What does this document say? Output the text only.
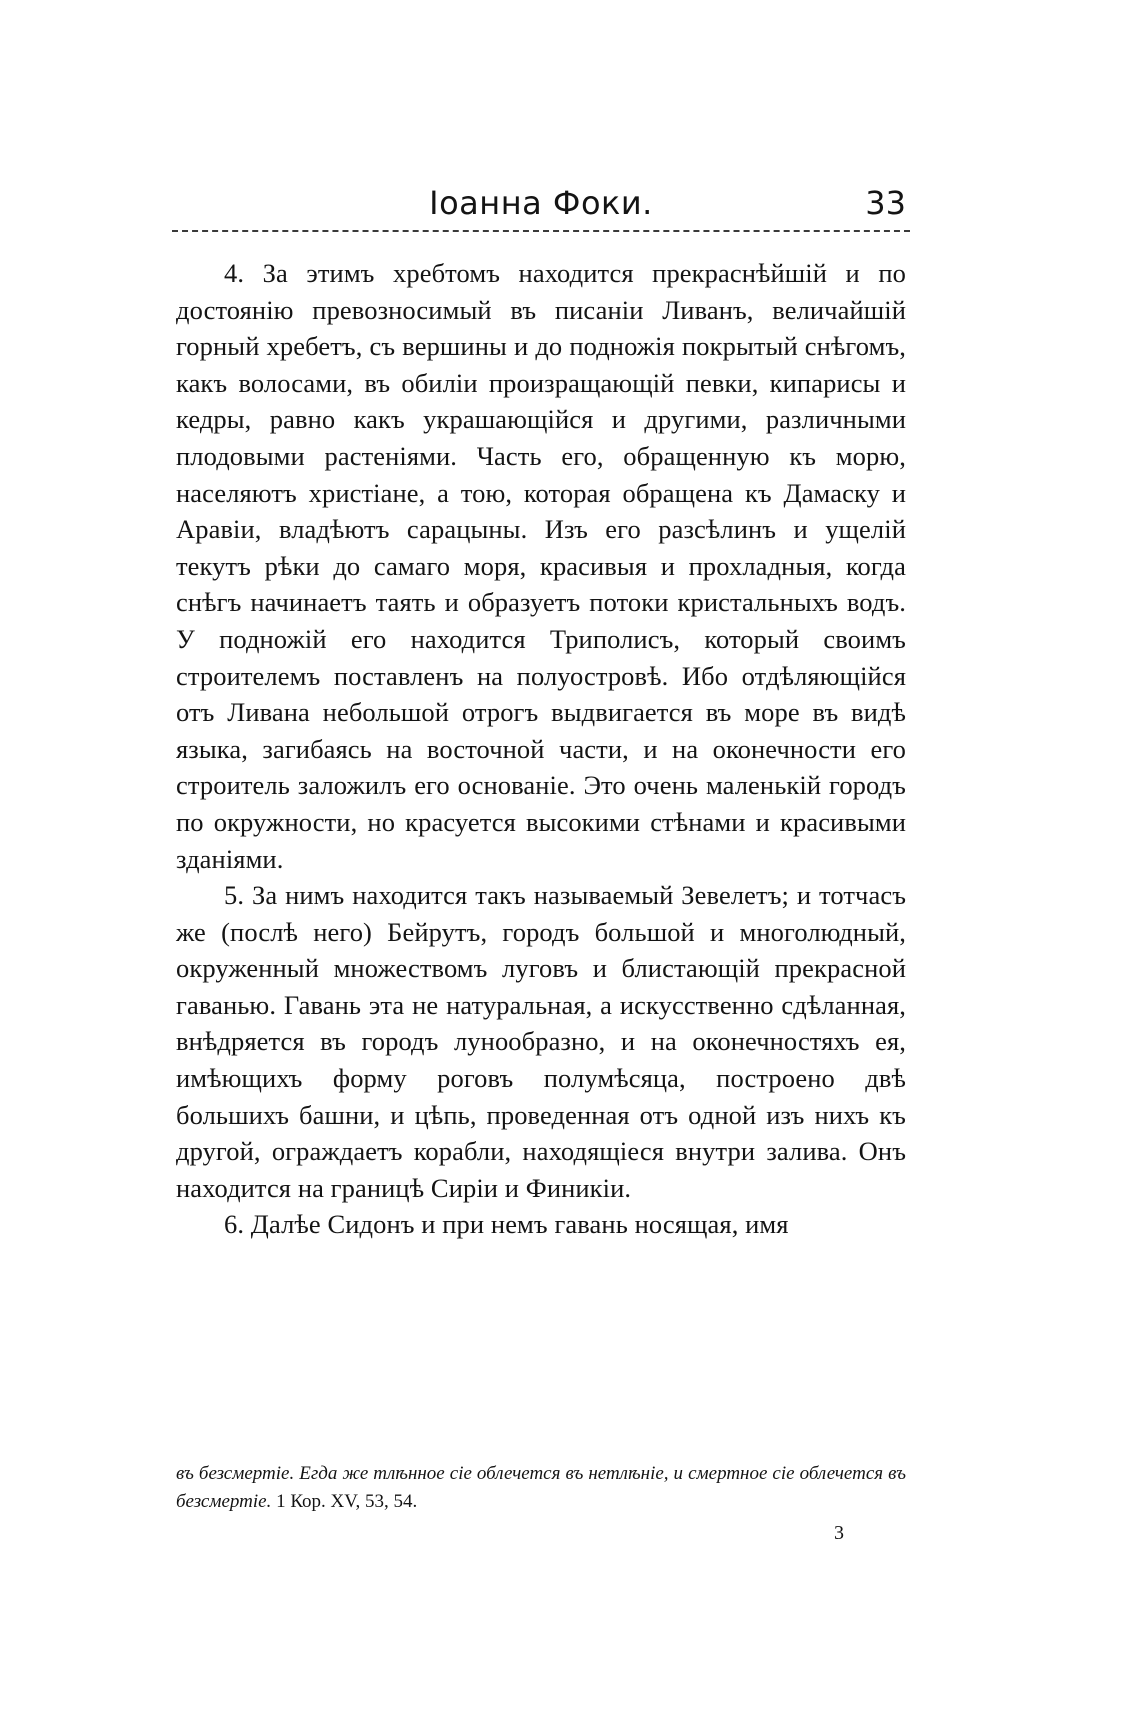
Іоанна Фоки.	33

4. За этимъ хребтомъ находится прекраснѣйшій и по достоянію превозносимый въ писаніи Ливанъ, величайшій горный хребетъ, съ вершины и до подножія покрытый снѣгомъ, какъ волосами, въ обиліи произращающій певки, кипарисы и кедры, равно какъ украшающійся и другими, различными плодовыми растеніями. Часть его, обращенную къ морю, населяютъ христіане, а тою, которая обращена къ Дамаску и Аравіи, владѣютъ сарацыны. Изъ его разсѣлинъ и ущелій текутъ рѣки до самаго моря, красивыя и прохладныя, когда снѣгъ начинаетъ таять и образуетъ потоки кристальныхъ водъ. У подножій его находится Триполисъ, который своимъ строителемъ поставленъ на полуостровѣ. Ибо отдѣляющійся отъ Ливана небольшой отрогъ выдвигается въ море въ видѣ языка, загибаясь на восточной части, и на оконечности его строитель заложилъ его основаніе. Это очень маленькій городъ по окружности, но красуется высокими стѣнами и красивыми зданіями.

5. За нимъ находится такъ называемый Зевелетъ; и тотчасъ же (послѣ него) Бейрутъ, городъ большой и многолюдный, окруженный множествомъ луговъ и блистающій прекрасной гаванью. Гавань эта не натуральная, а искусственно сдѣланная, внѣдряется въ городъ лунообразно, и на оконечностяхъ ея, имѣющихъ форму роговъ полумѣсяца, построено двѣ большихъ башни, и цѣпь, проведенная отъ одной изъ нихъ къ другой, ограждаетъ корабли, находящіеся внутри залива. Онъ находится на границѣ Сиріи и Финикіи.

6. Далѣе Сидонъ и при немъ гавань носящая, имя

въ безсмертіе. Егда же тлѣнное сіе облечется въ нетлѣніе, и смертное сіе облечется въ безсмертіе. 1 Кор. XV, 53, 54.
3
